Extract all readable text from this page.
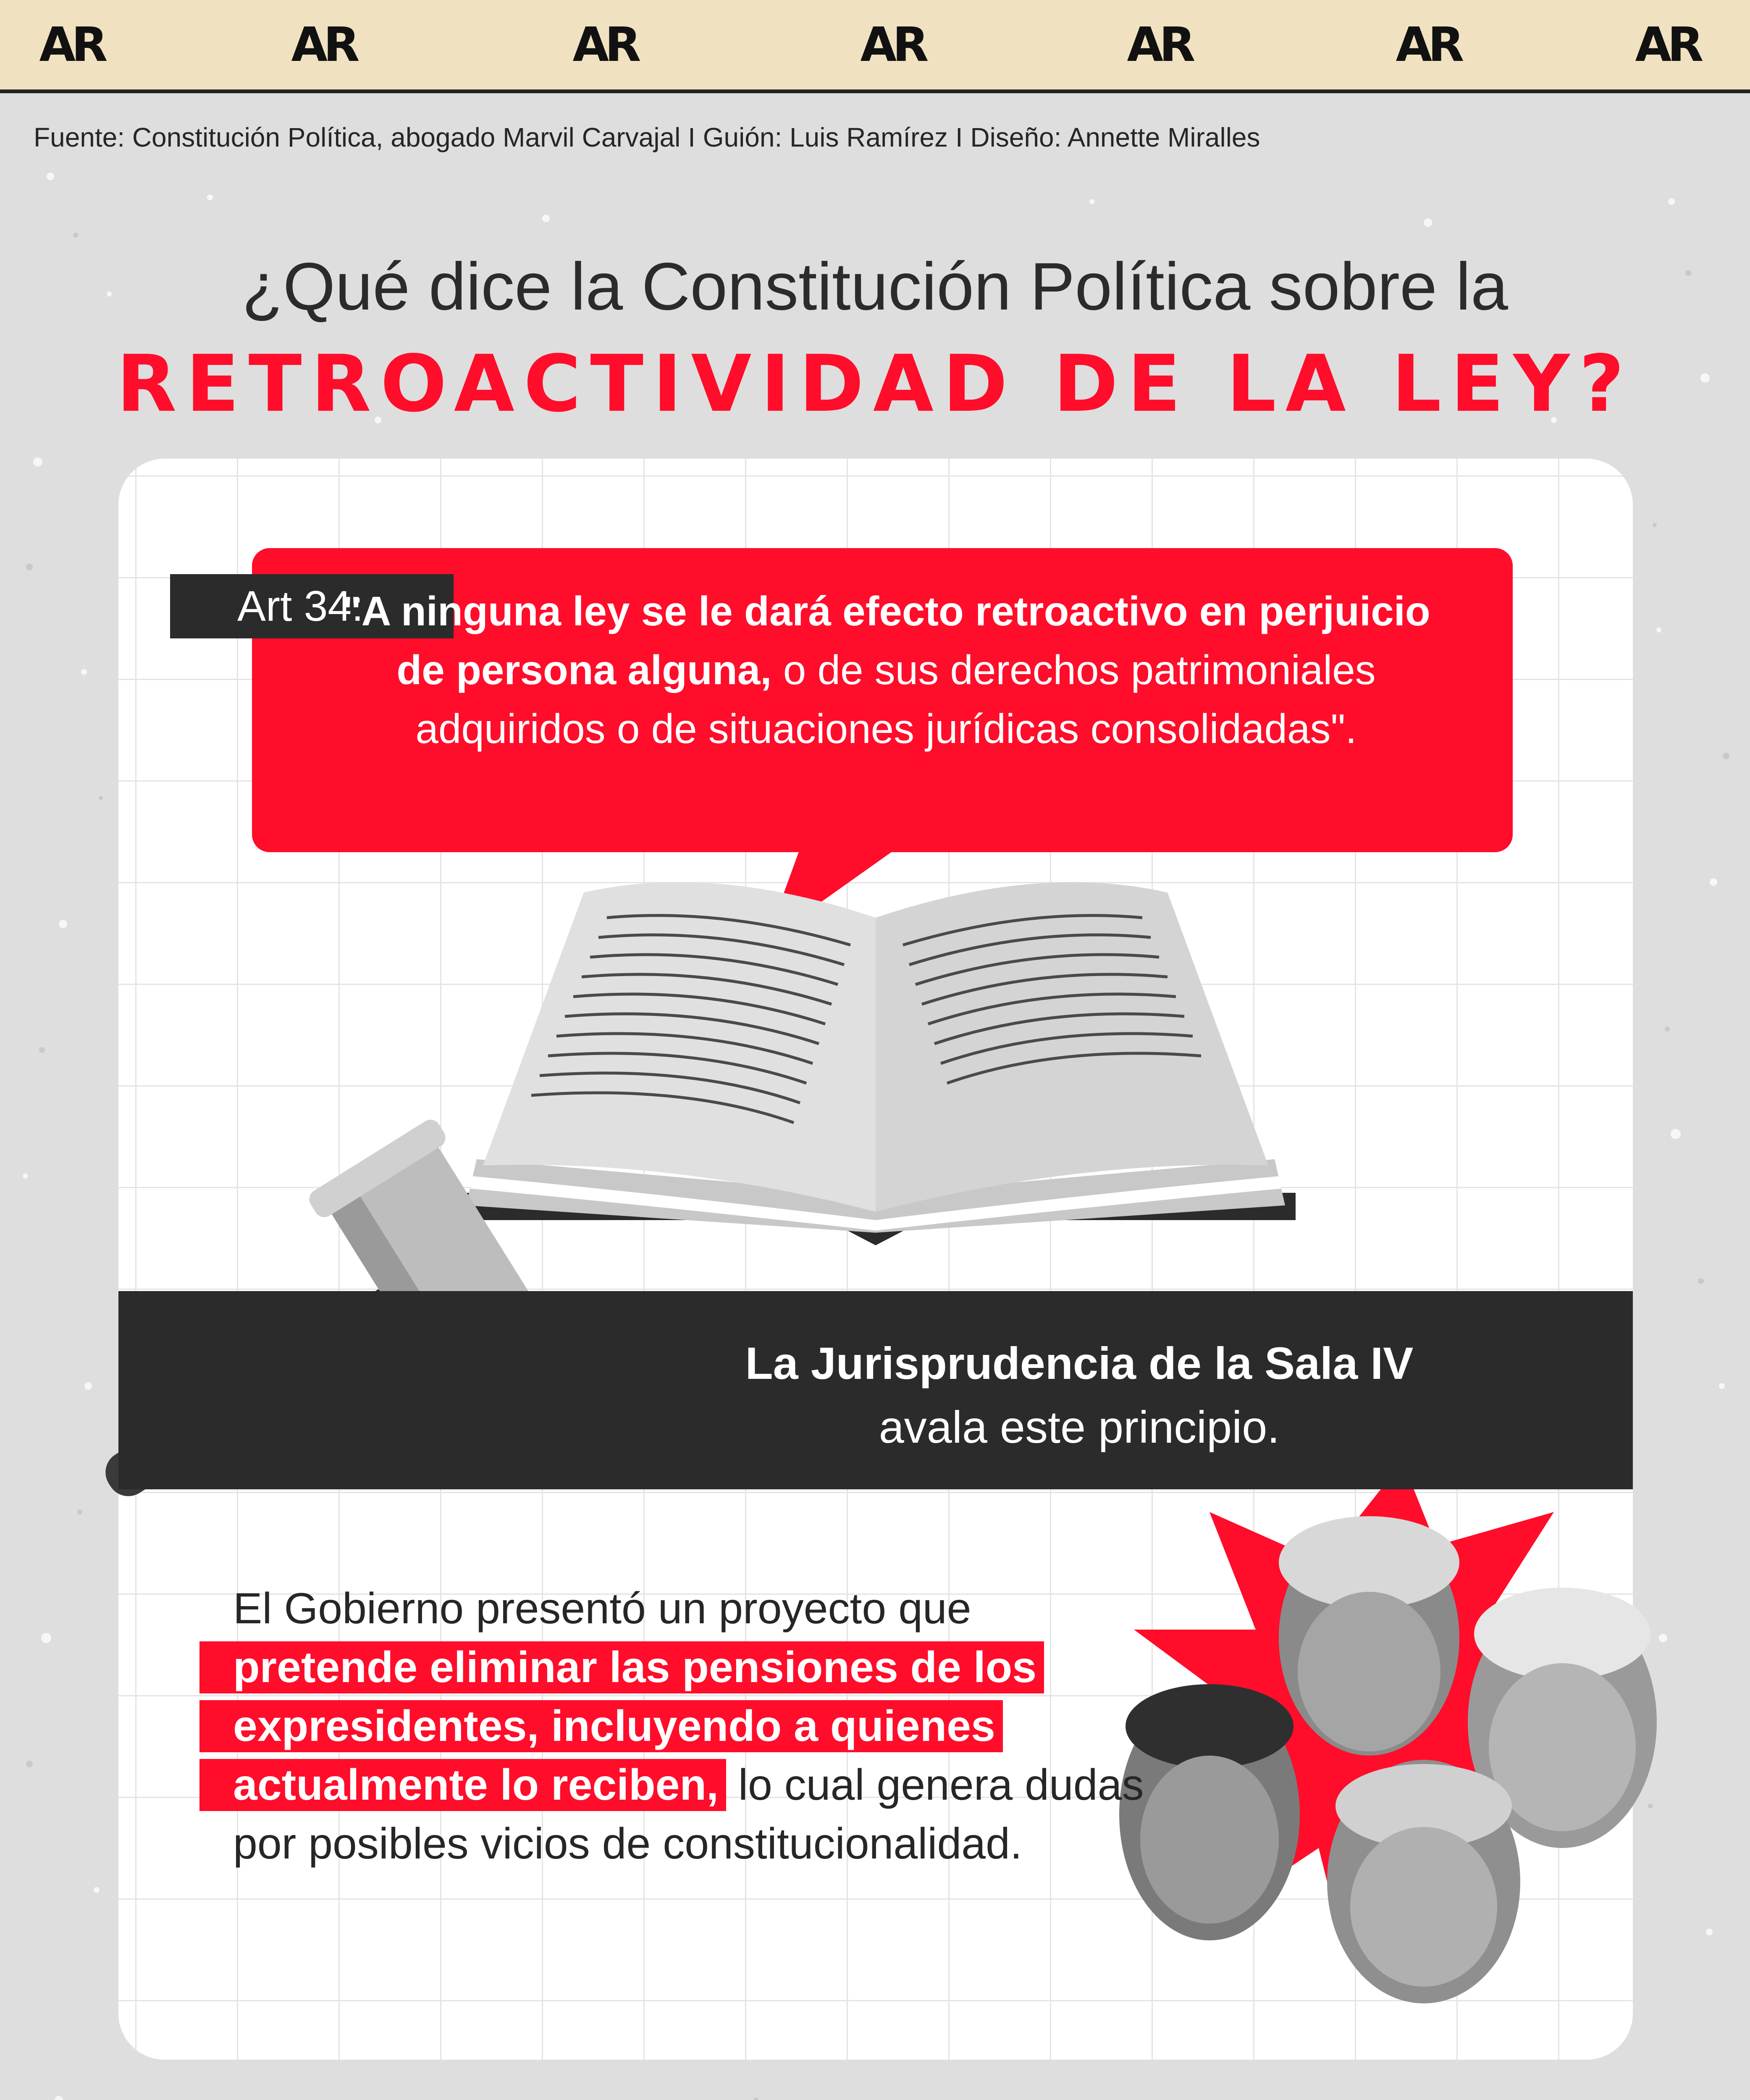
AR	AR	AR	AR	AR	AR	AR
Fuente: Constitución Política, abogado Marvil Carvajal I Guión: Luis Ramírez I Diseño: Annette Miralles
¿Qué dice la Constitución Política sobre la
RETROACTIVIDAD DE LA LEY?
Art 34:
"A ninguna ley se le dará efecto retroactivo en perjuicio de persona alguna, o de sus derechos patrimoniales adquiridos o de situaciones jurídicas consolidadas".
La Jurisprudencia de la Sala IV
avala este principio.
El Gobierno presentó un proyecto que
pretende eliminar las pensiones de los expresidentes, incluyendo a quienes actualmente lo reciben, lo cual genera dudas por posibles vicios de constitucionalidad.
